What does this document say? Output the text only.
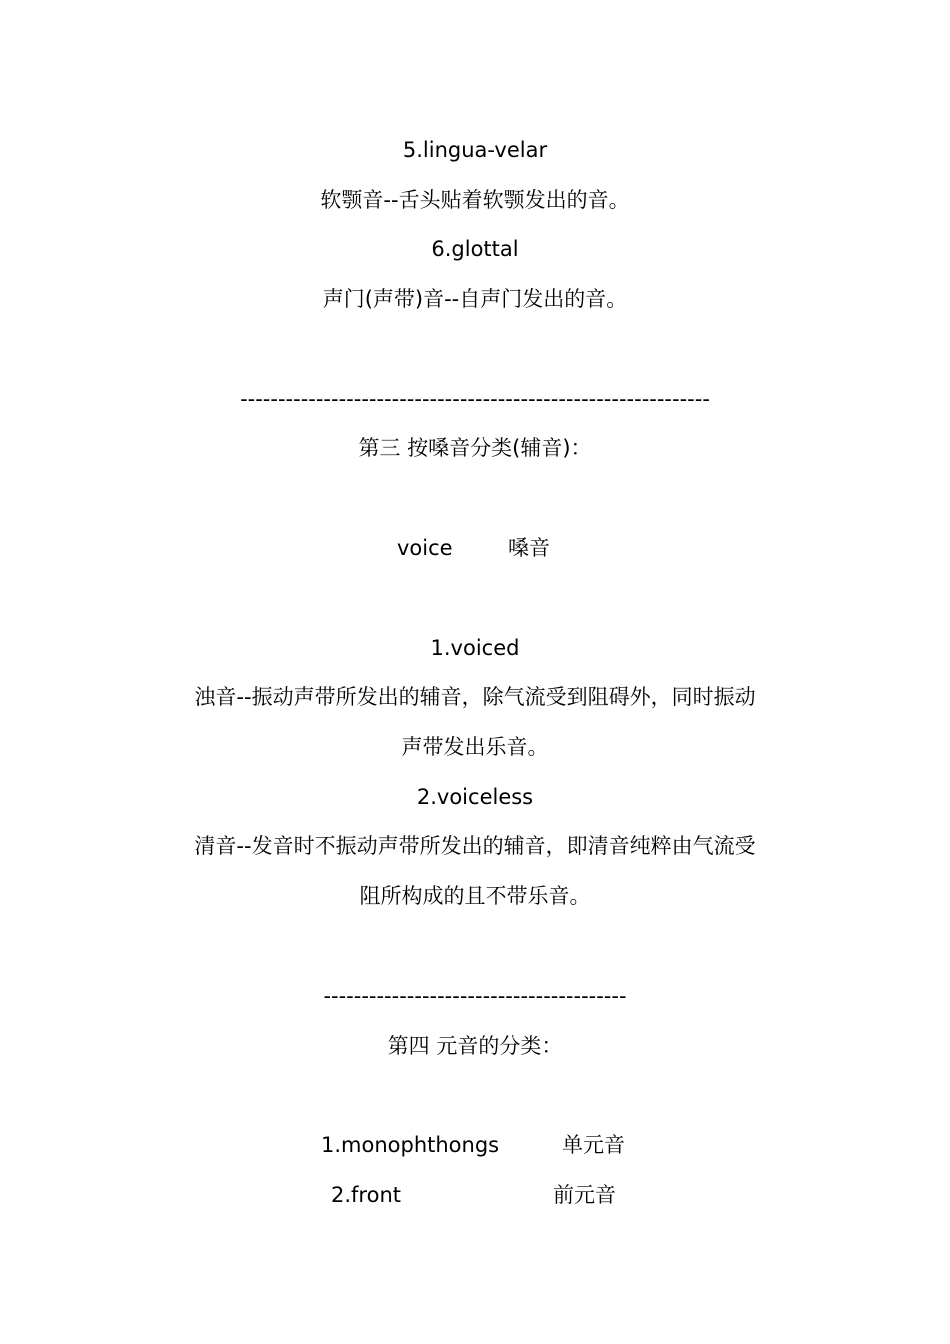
5.lingua-velar
软颚音--舌头贴着软颚发出的音。
6.glottal
声门(声带)音--自声门发出的音。
--------------------------------------------------------------
第三 按嗓音分类(辅音)：
voice	嗓音
1.voiced
浊音--振动声带所发出的辅音，除气流受到阻碍外，同时振动声带发出乐音。
2.voiceless
清音--发音时不振动声带所发出的辅音，即清音纯粹由气流受阻所构成的且不带乐音。
----------------------------------------
第四 元音的分类：
1.monophthongs	单元音
2.front	前元音
